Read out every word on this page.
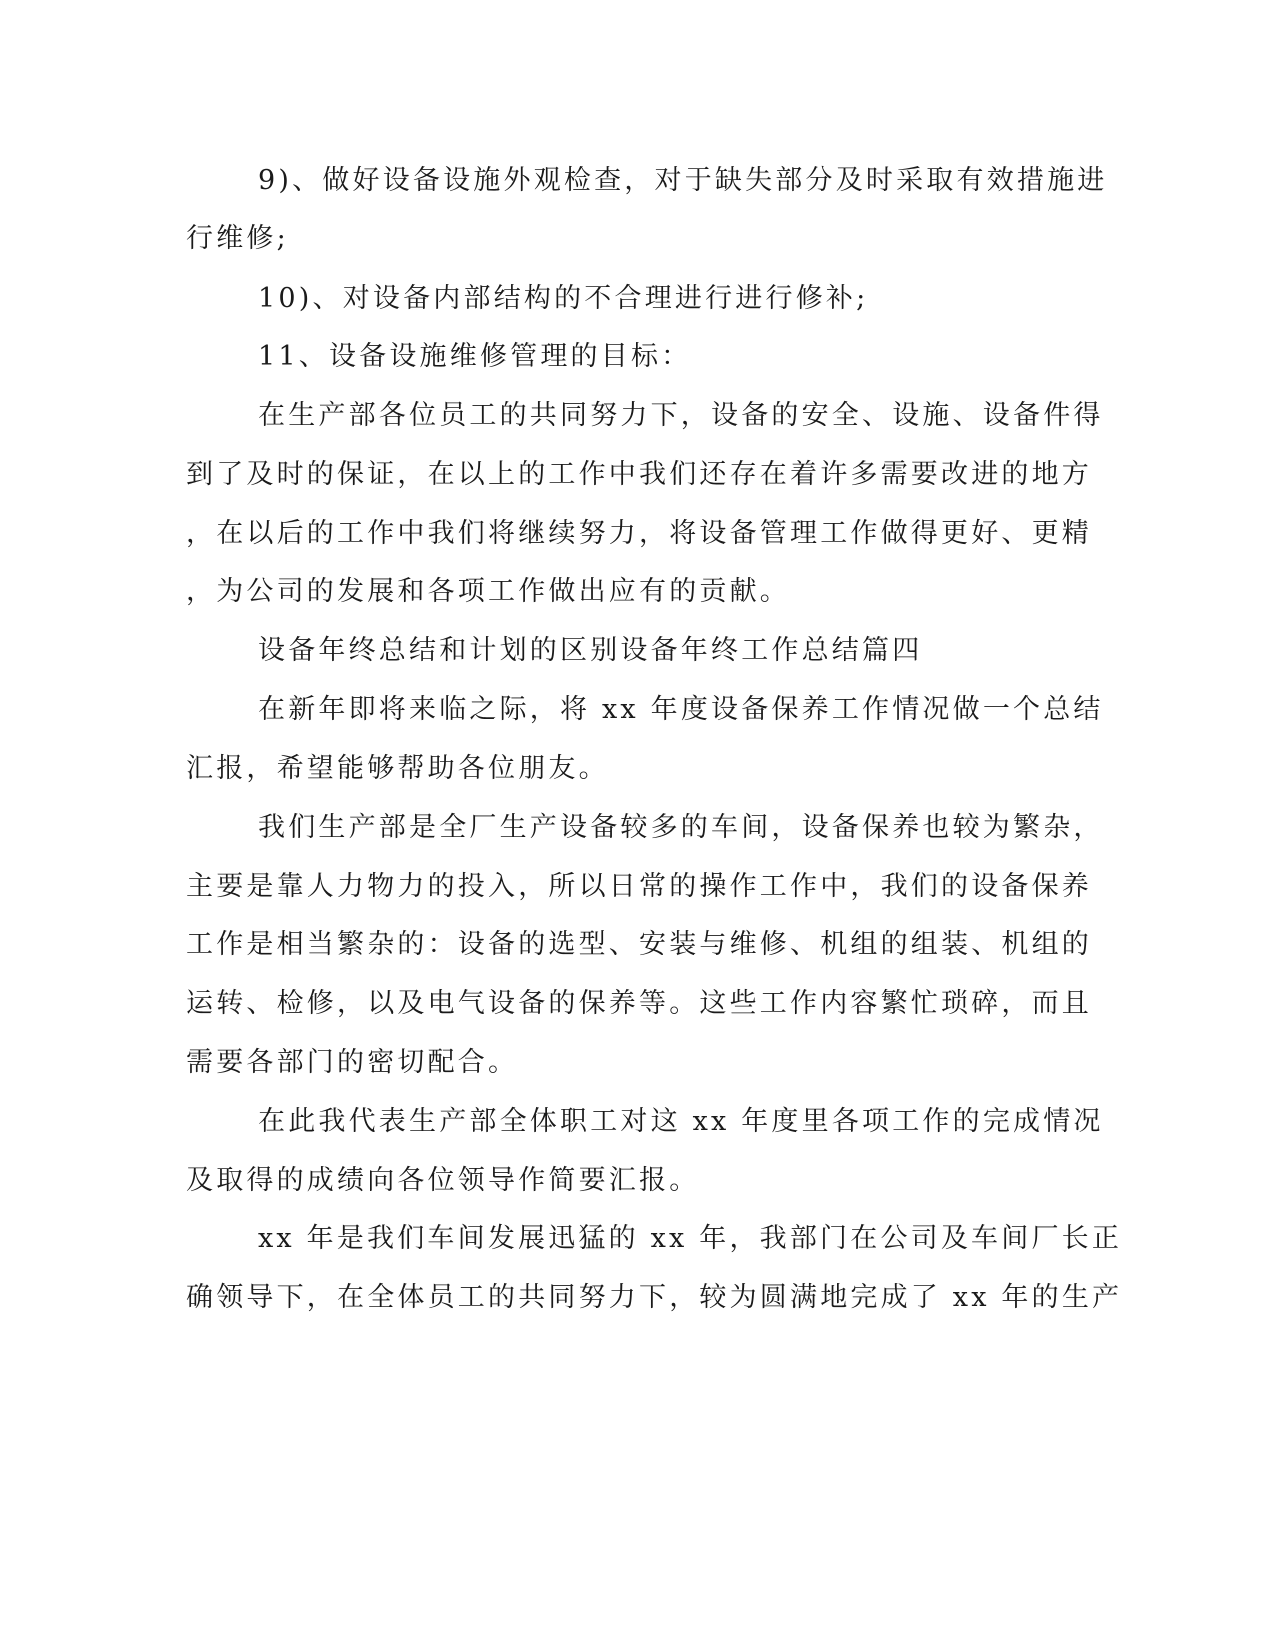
9)、做好设备设施外观检查，对于缺失部分及时采取有效措施进
行维修;
10)、对设备内部结构的不合理进行进行修补;
11、设备设施维修管理的目标：
在生产部各位员工的共同努力下，设备的安全、设施、设备件得
到了及时的保证，在以上的工作中我们还存在着许多需要改进的地方
，在以后的工作中我们将继续努力，将设备管理工作做得更好、更精
，为公司的发展和各项工作做出应有的贡献。
设备年终总结和计划的区别设备年终工作总结篇四
在新年即将来临之际，将 xx 年度设备保养工作情况做一个总结
汇报，希望能够帮助各位朋友。
我们生产部是全厂生产设备较多的车间，设备保养也较为繁杂，
主要是靠人力物力的投入，所以日常的操作工作中，我们的设备保养
工作是相当繁杂的：设备的选型、安装与维修、机组的组装、机组的
运转、检修，以及电气设备的保养等。这些工作内容繁忙琐碎，而且
需要各部门的密切配合。
在此我代表生产部全体职工对这 xx 年度里各项工作的完成情况
及取得的成绩向各位领导作简要汇报。
xx 年是我们车间发展迅猛的 xx 年，我部门在公司及车间厂长正
确领导下，在全体员工的共同努力下，较为圆满地完成了 xx 年的生产
